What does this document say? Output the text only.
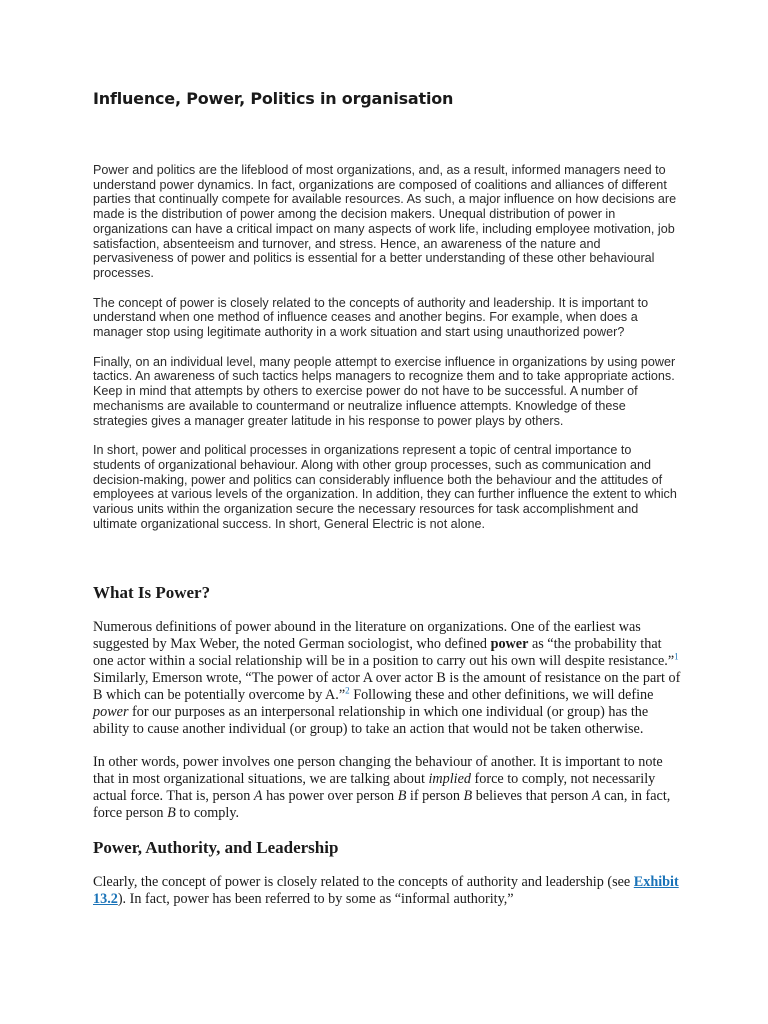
Influence, Power, Politics in organisation

Power and politics are the lifeblood of most organizations, and, as a result, informed managers need to understand power dynamics. In fact, organizations are composed of coalitions and alliances of different parties that continually compete for available resources. As such, a major influence on how decisions are made is the distribution of power among the decision makers. Unequal distribution of power in organizations can have a critical impact on many aspects of work life, including employee motivation, job satisfaction, absenteeism and turnover, and stress. Hence, an awareness of the nature and pervasiveness of power and politics is essential for a better understanding of these other behavioural processes.

The concept of power is closely related to the concepts of authority and leadership. It is important to understand when one method of influence ceases and another begins. For example, when does a manager stop using legitimate authority in a work situation and start using unauthorized power?

Finally, on an individual level, many people attempt to exercise influence in organizations by using power tactics. An awareness of such tactics helps managers to recognize them and to take appropriate actions. Keep in mind that attempts by others to exercise power do not have to be successful. A number of mechanisms are available to countermand or neutralize influence attempts. Knowledge of these strategies gives a manager greater latitude in his response to power plays by others.

In short, power and political processes in organizations represent a topic of central importance to students of organizational behaviour. Along with other group processes, such as communication and decision-making, power and politics can considerably influence both the behaviour and the attitudes of employees at various levels of the organization. In addition, they can further influence the extent to which various units within the organization secure the necessary resources for task accomplishment and ultimate organizational success. In short, General Electric is not alone.

What Is Power?

Numerous definitions of power abound in the literature on organizations. One of the earliest was suggested by Max Weber, the noted German sociologist, who defined power as “the probability that one actor within a social relationship will be in a position to carry out his own will despite resistance.”$^1$ Similarly, Emerson wrote, “The power of actor A over actor B is the amount of resistance on the part of B which can be potentially overcome by A.”$^2$ Following these and other definitions, we will define power for our purposes as an interpersonal relationship in which one individual (or group) has the ability to cause another individual (or group) to take an action that would not be taken otherwise.

In other words, power involves one person changing the behaviour of another. It is important to note that in most organizational situations, we are talking about implied force to comply, not necessarily actual force. That is, person A has power over person B if person B believes that person A can, in fact, force person B to comply.

Power, Authority, and Leadership

Clearly, the concept of power is closely related to the concepts of authority and leadership (see Exhibit 13.2). In fact, power has been referred to by some as “informal authority,”
